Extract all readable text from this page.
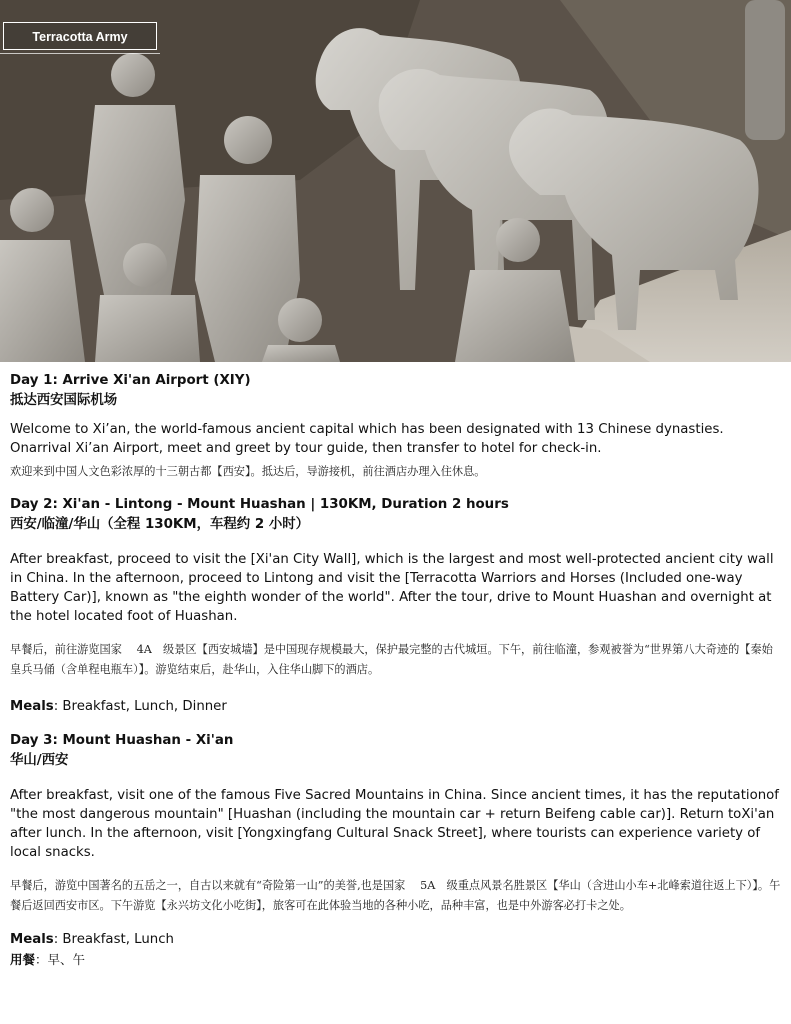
Terracotta Army

Day 1: Arrive Xi'an Airport (XIY)

抵达西安国际机场

Welcome to Xi’an, the world-famous ancient capital which has been designated with 13 Chinese dynasties. Onarrival Xi’an Airport, meet and greet by tour guide, then transfer to hotel for check-in.

欢迎来到中国人文色彩浓厚的十三朝古都【西安】。抵达后，导游接机，前往酒店办理入住休息。

Day 2: Xi'an - Lintong - Mount Huashan | 130KM, Duration 2 hours

西安/临潼/华山（全程 130KM，车程约 2 小时）

After breakfast, proceed to visit the [Xi'an City Wall], which is the largest and most well-protected ancient city wall in China. In the afternoon, proceed to Lintong and visit the [Terracotta Warriors and Horses (Included one-way Battery Car)], known as "the eighth wonder of the world". After the tour, drive to Mount Huashan and overnight at the hotel located foot of Huashan.

早餐后，前往游览国家　 4A　级景区【西安城墙】是中国现存规模最大，保护最完整的古代城垣。下午，前往临潼，参观被誉为“世界第八大奇迹的【秦始皇兵马俑（含单程电瓶车）】。游览结束后，赴华山，入住华山脚下的酒店。

Meals: Breakfast, Lunch, Dinner

Day 3: Mount Huashan - Xi'an

华山/西安

After breakfast, visit one of the famous Five Sacred Mountains in China. Since ancient times, it has the reputationof "the most dangerous mountain" [Huashan (including the mountain car + return Beifeng cable car)]. Return toXi'an after lunch. In the afternoon, visit [Yongxingfang Cultural Snack Street], where tourists can experience variety of local snacks.

早餐后，游览中国著名的五岳之一，自古以来就有“奇险第一山”的美誉,也是国家　 5A　级重点风景名胜景区【华山（含进山小车+北峰索道往返上下）】。午餐后返回西安市区。下午游览【永兴坊文化小吃街】，旅客可在此体验当地的各种小吃，品种丰富，也是中外游客必打卡之处。

Meals: Breakfast, Lunch

用餐：早、午
